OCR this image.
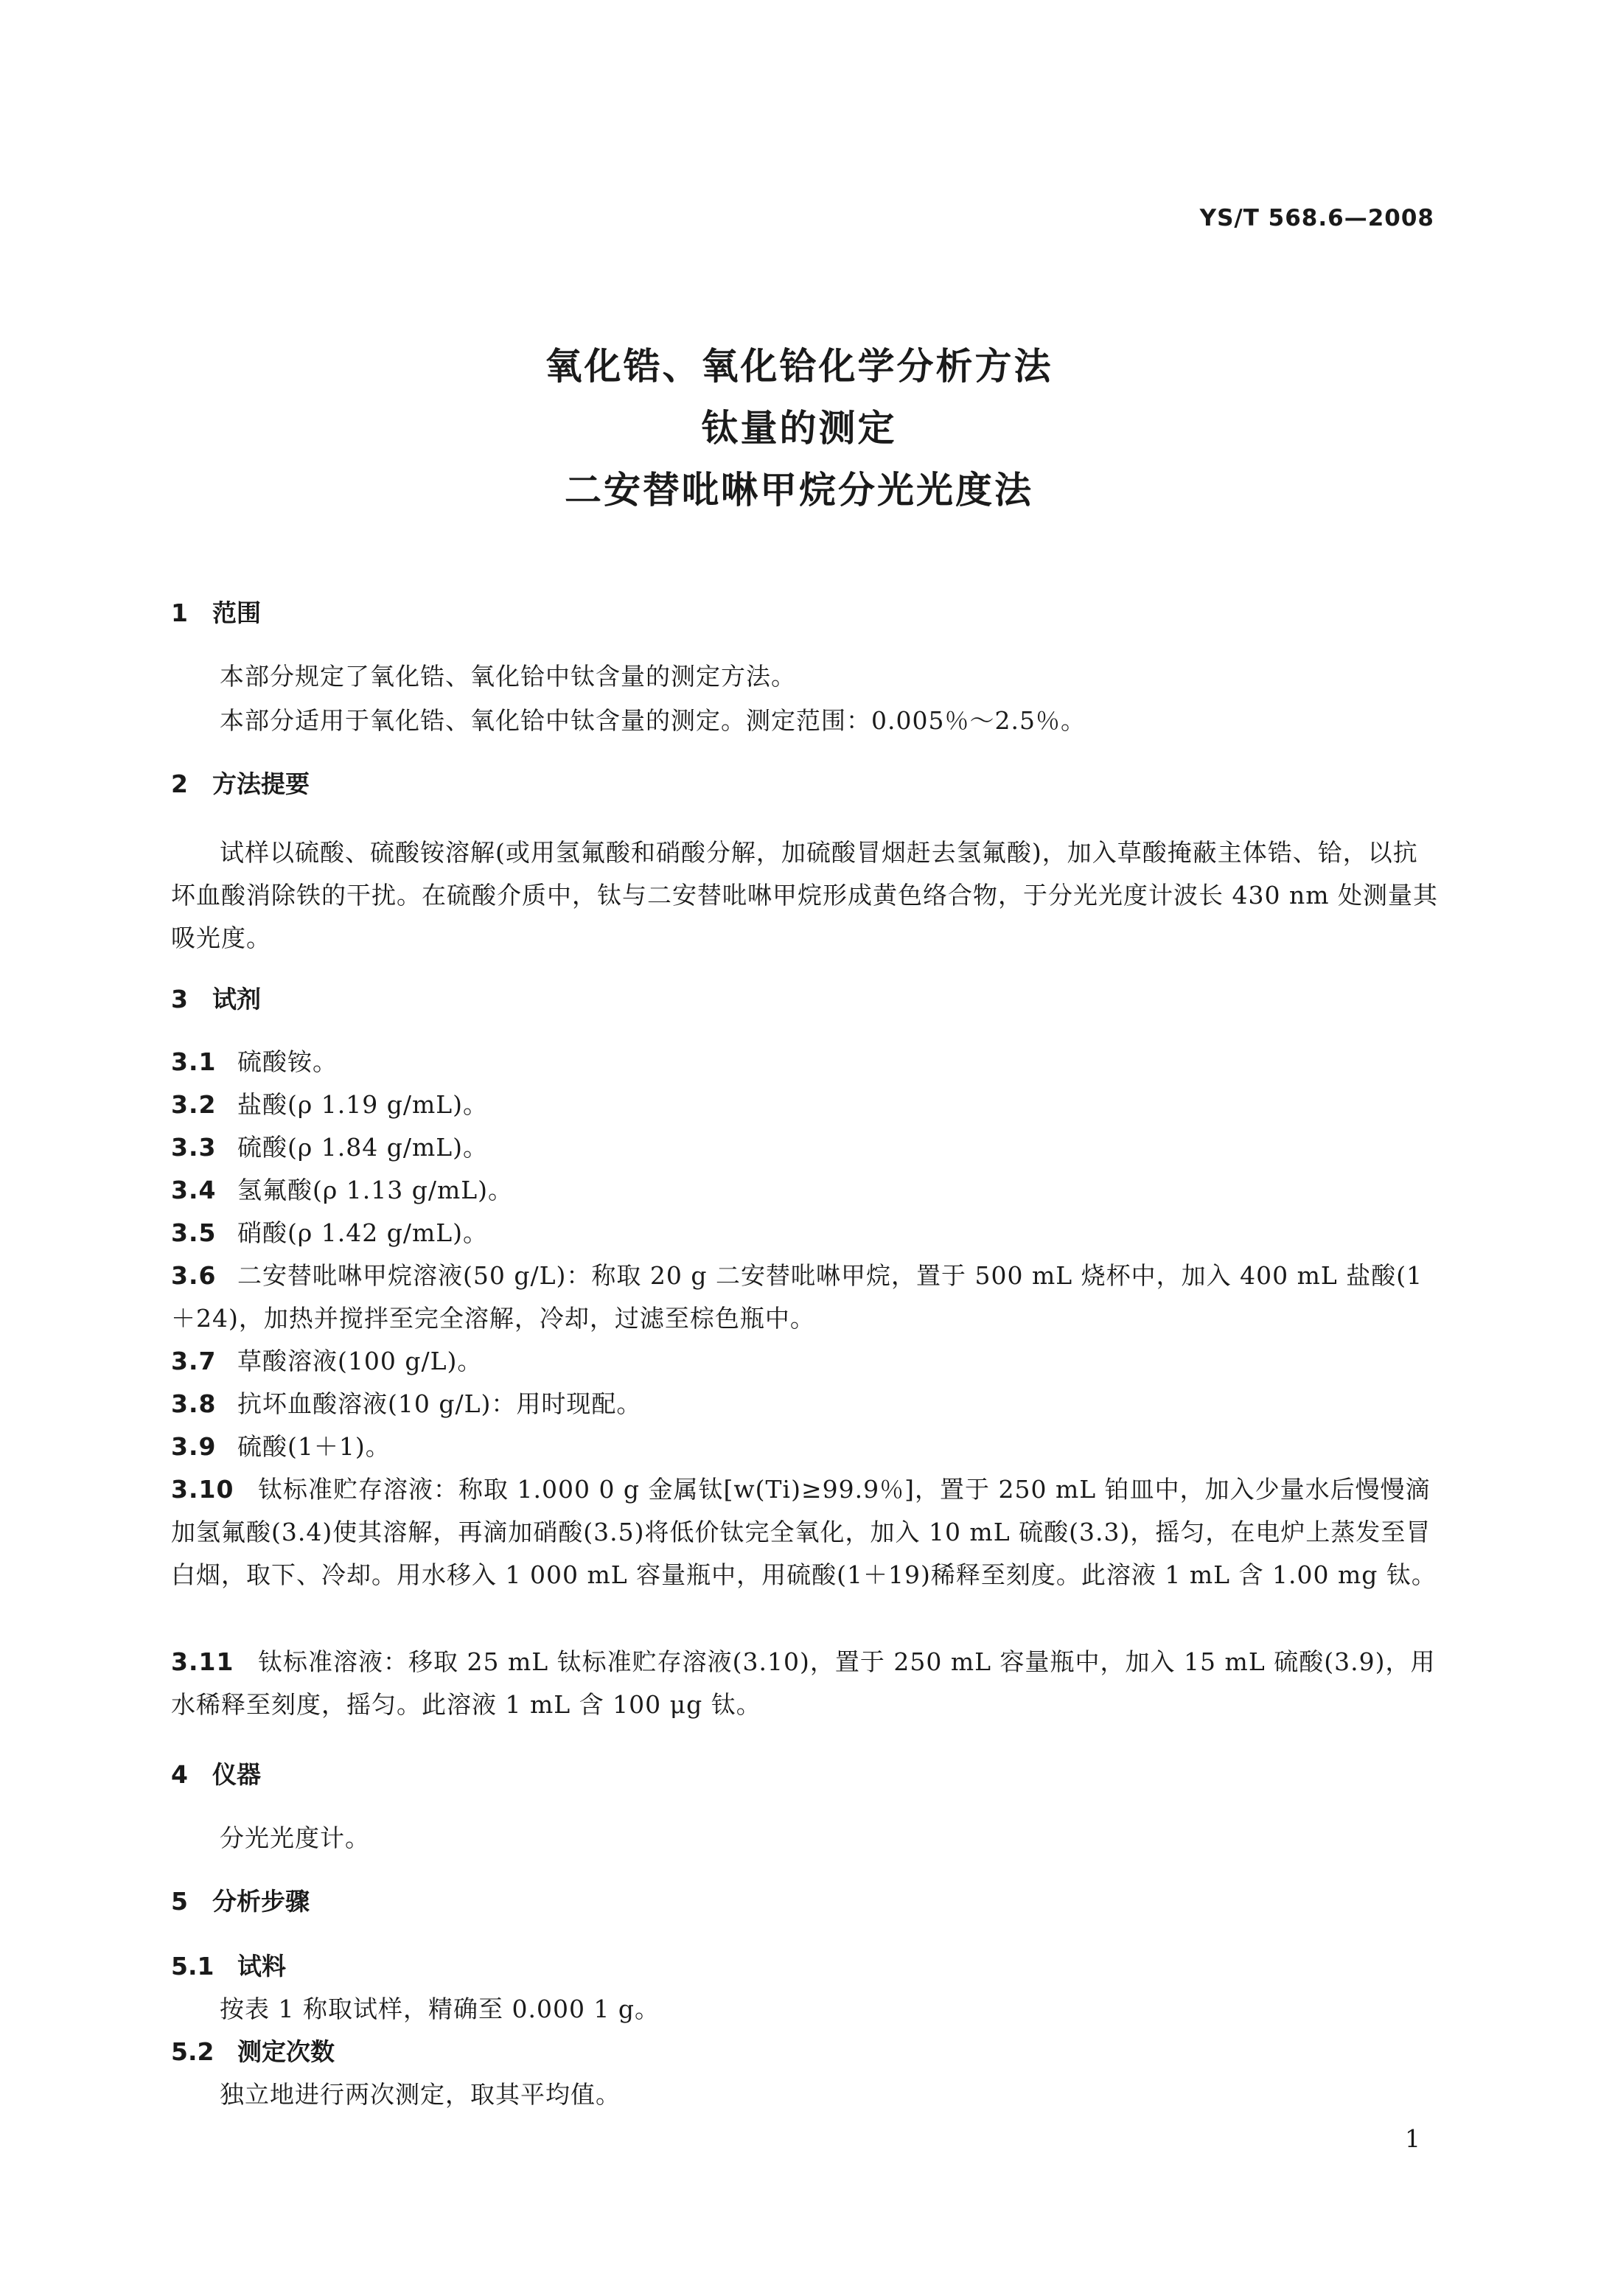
YS/T 568.6—2008
氧化锆、氧化铪化学分析方法
钛量的测定
二安替吡啉甲烷分光光度法
1 范围
本部分规定了氧化锆、氧化铪中钛含量的测定方法。
本部分适用于氧化锆、氧化铪中钛含量的测定。测定范围：0.005％～2.5％。
2 方法提要
试样以硫酸、硫酸铵溶解(或用氢氟酸和硝酸分解，加硫酸冒烟赶去氢氟酸)，加入草酸掩蔽主体锆、铪，以抗坏血酸消除铁的干扰。在硫酸介质中，钛与二安替吡啉甲烷形成黄色络合物，于分光光度计波长 430 nm 处测量其吸光度。
3 试剂
3.1 硫酸铵。
3.2 盐酸(ρ 1.19 g/mL)。
3.3 硫酸(ρ 1.84 g/mL)。
3.4 氢氟酸(ρ 1.13 g/mL)。
3.5 硝酸(ρ 1.42 g/mL)。
3.6 二安替吡啉甲烷溶液(50 g/L)：称取 20 g 二安替吡啉甲烷，置于 500 mL 烧杯中，加入 400 mL 盐酸(1＋24)，加热并搅拌至完全溶解，冷却，过滤至棕色瓶中。
3.7 草酸溶液(100 g/L)。
3.8 抗坏血酸溶液(10 g/L)：用时现配。
3.9 硫酸(1＋1)。
3.10 钛标准贮存溶液：称取 1.000 0 g 金属钛[w(Ti)≥99.9％]，置于 250 mL 铂皿中，加入少量水后慢慢滴加氢氟酸(3.4)使其溶解，再滴加硝酸(3.5)将低价钛完全氧化，加入 10 mL 硫酸(3.3)，摇匀，在电炉上蒸发至冒白烟，取下、冷却。用水移入 1 000 mL 容量瓶中，用硫酸(1＋19)稀释至刻度。此溶液 1 mL 含 1.00 mg 钛。
3.11 钛标准溶液：移取 25 mL 钛标准贮存溶液(3.10)，置于 250 mL 容量瓶中，加入 15 mL 硫酸(3.9)，用水稀释至刻度，摇匀。此溶液 1 mL 含 100 μg 钛。
4 仪器
分光光度计。
5 分析步骤
5.1 试料
按表 1 称取试样，精确至 0.000 1 g。
5.2 测定次数
独立地进行两次测定，取其平均值。
1
